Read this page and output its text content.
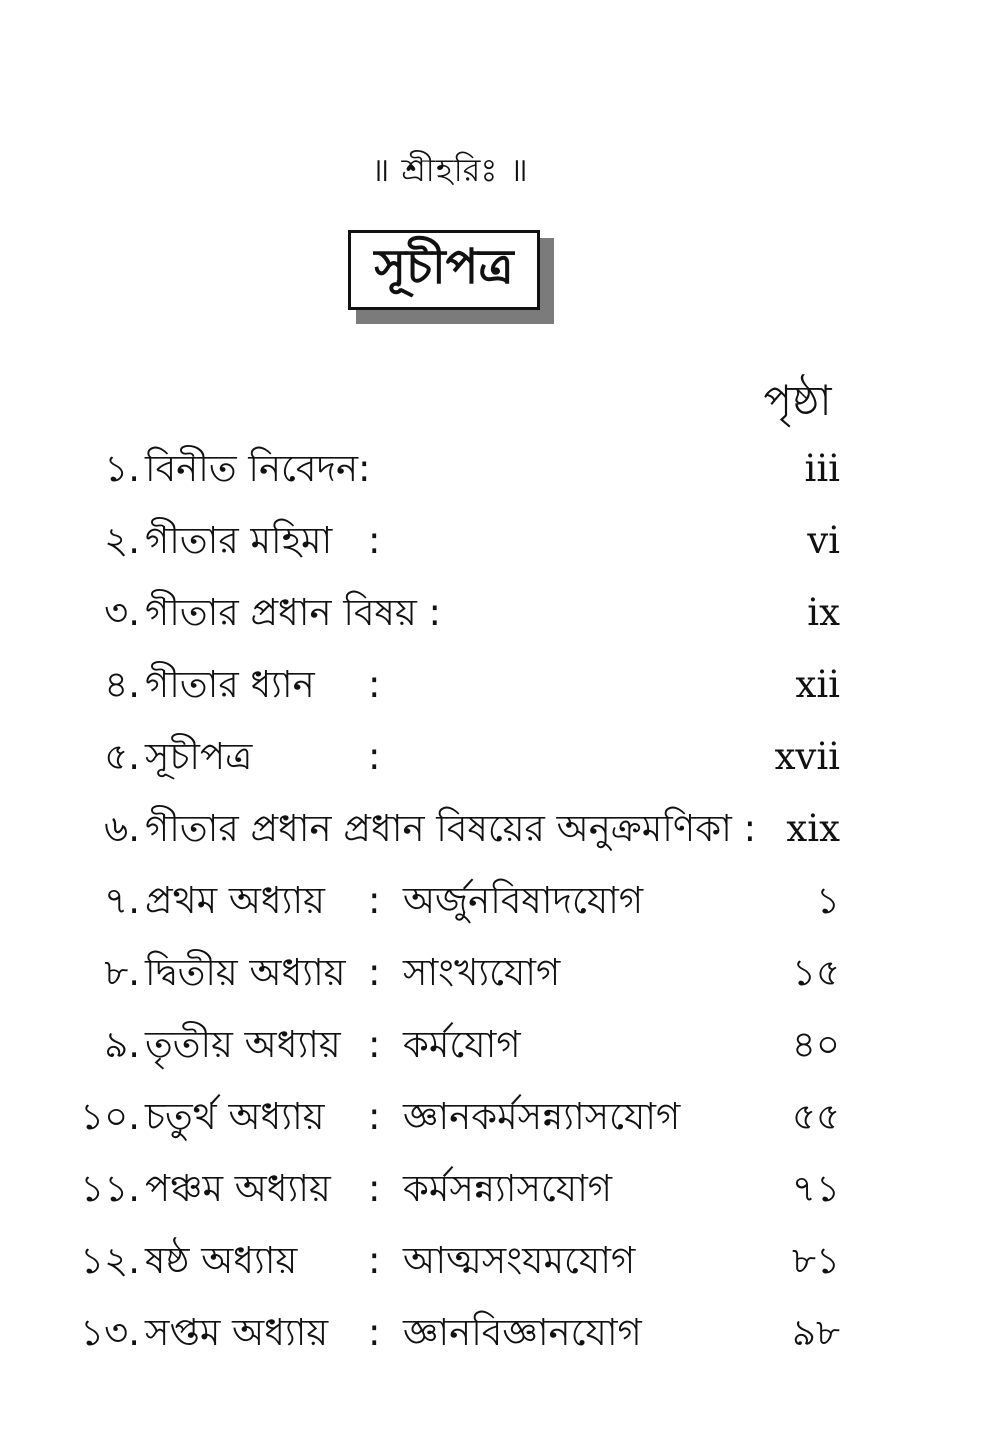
॥ শ্রীহরিঃ ॥
সূচীপত্র
পৃষ্ঠা
১. বিনীত নিবেদন:	iii
২. গীতার মহিমা :	vi
৩. গীতার প্রধান বিষয় :	ix
৪. গীতার ধ্যান :	xii
৫. সূচীপত্র	:	xvii
৬. গীতার প্রধান প্রধান বিষয়ের অনুক্রমণিকা : xix
৭. প্রথম অধ্যায় : অর্জুনবিষাদযোগ	১
৮. দ্বিতীয় অধ্যায় : সাংখ্যযোগ	১৫
৯. তৃতীয় অধ্যায় : কর্মযোগ	৪০
১০. চতুর্থ অধ্যায় : জ্ঞানকর্মসন্ন্যাসযোগ	৫৫
১১. পঞ্চম অধ্যায় : কর্মসন্ন্যাসযোগ	৭১
১২. ষষ্ঠ অধ্যায় : আত্মসংযমযোগ	৮১
১৩. সপ্তম অধ্যায় : জ্ঞানবিজ্ঞানযোগ	৯৮
